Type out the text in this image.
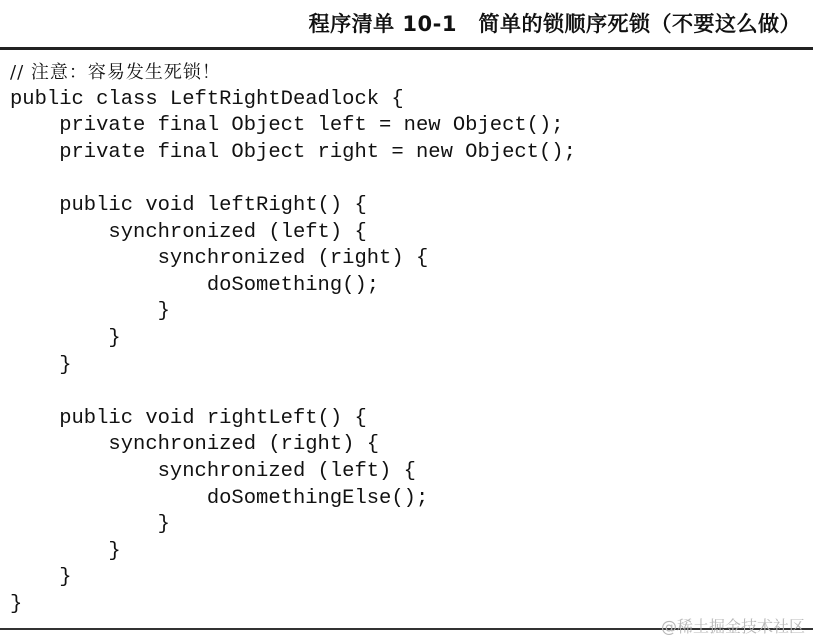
程序清单 10-1　简单的锁顺序死锁（不要这么做）
// 注意：容易发生死锁！
public class LeftRightDeadlock {
private final Object left = new Object();
private final Object right = new Object();
public void leftRight() {
synchronized (left) {
synchronized (right) {
doSomething();
}
}
}
public void rightLeft() {
synchronized (right) {
synchronized (left) {
doSomethingElse();
}
}
}
}
@稀土掘金技术社区
